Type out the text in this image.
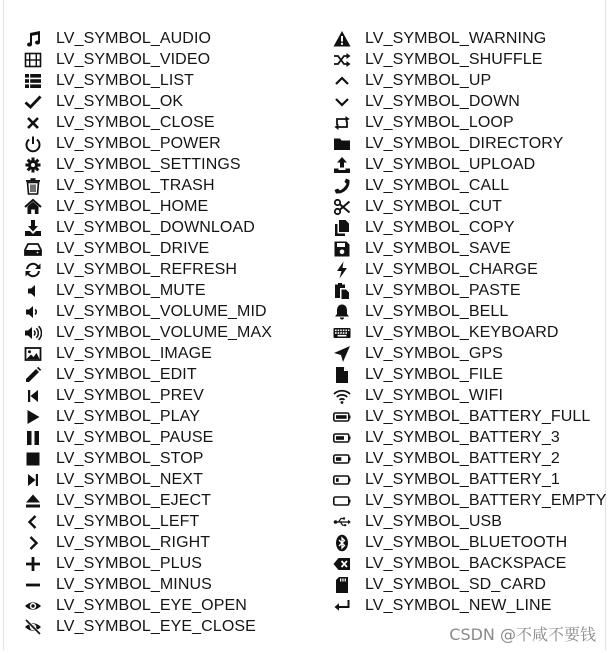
LV_SYMBOL_AUDIO
LV_SYMBOL_VIDEO
LV_SYMBOL_LIST
LV_SYMBOL_OK
LV_SYMBOL_CLOSE
LV_SYMBOL_POWER
LV_SYMBOL_SETTINGS
LV_SYMBOL_TRASH
LV_SYMBOL_HOME
LV_SYMBOL_DOWNLOAD
LV_SYMBOL_DRIVE
LV_SYMBOL_REFRESH
LV_SYMBOL_MUTE
LV_SYMBOL_VOLUME_MID
LV_SYMBOL_VOLUME_MAX
LV_SYMBOL_IMAGE
LV_SYMBOL_EDIT
LV_SYMBOL_PREV
LV_SYMBOL_PLAY
LV_SYMBOL_PAUSE
LV_SYMBOL_STOP
LV_SYMBOL_NEXT
LV_SYMBOL_EJECT
LV_SYMBOL_LEFT
LV_SYMBOL_RIGHT
LV_SYMBOL_PLUS
LV_SYMBOL_MINUS
LV_SYMBOL_EYE_OPEN
LV_SYMBOL_EYE_CLOSE
LV_SYMBOL_WARNING
LV_SYMBOL_SHUFFLE
LV_SYMBOL_UP
LV_SYMBOL_DOWN
LV_SYMBOL_LOOP
LV_SYMBOL_DIRECTORY
LV_SYMBOL_UPLOAD
LV_SYMBOL_CALL
LV_SYMBOL_CUT
LV_SYMBOL_COPY
LV_SYMBOL_SAVE
LV_SYMBOL_CHARGE
LV_SYMBOL_PASTE
LV_SYMBOL_BELL
LV_SYMBOL_KEYBOARD
LV_SYMBOL_GPS
LV_SYMBOL_FILE
LV_SYMBOL_WIFI
LV_SYMBOL_BATTERY_FULL
LV_SYMBOL_BATTERY_3
LV_SYMBOL_BATTERY_2
LV_SYMBOL_BATTERY_1
LV_SYMBOL_BATTERY_EMPTY
LV_SYMBOL_USB
LV_SYMBOL_BLUETOOTH
LV_SYMBOL_BACKSPACE
LV_SYMBOL_SD_CARD
LV_SYMBOL_NEW_LINE
CSDN @不咸不要钱
